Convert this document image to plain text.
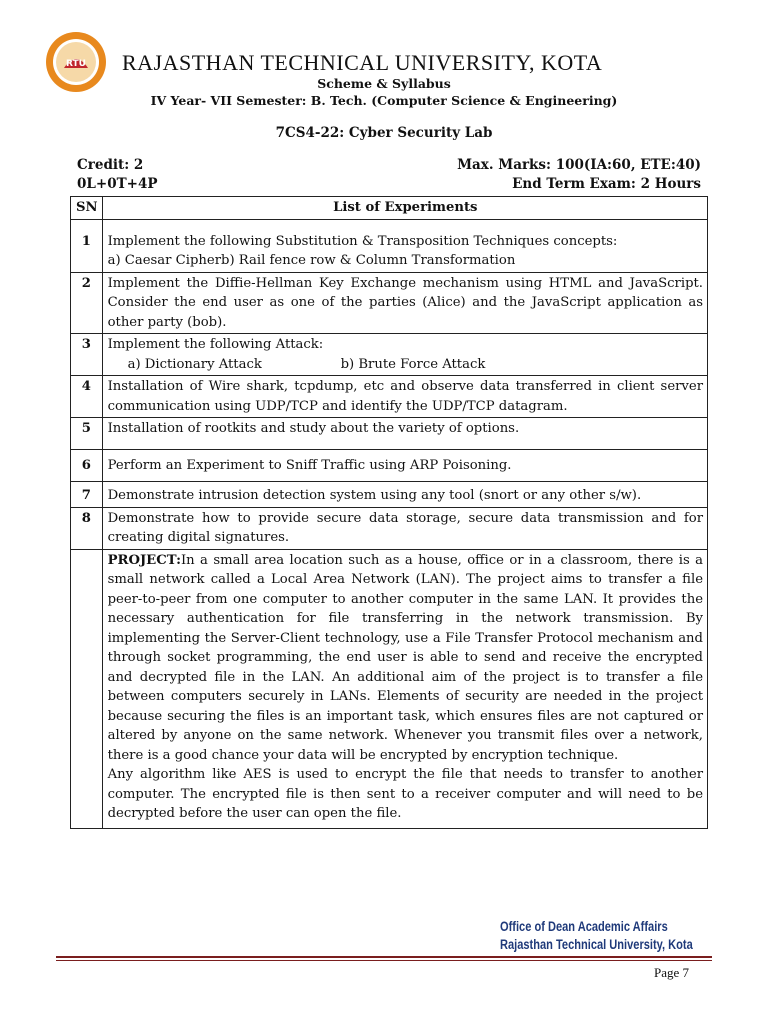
RTU RAJASTHAN TECHNICAL UNIVERSITY, KOTA
Scheme & Syllabus
IV Year- VII Semester: B. Tech. (Computer Science & Engineering)
7CS4-22: Cyber Security Lab
Credit: 2	Max. Marks: 100(IA:60, ETE:40)
0L+0T+4P	End Term Exam: 2 Hours
SN	List of Experiments
1	Implement the following Substitution & Transposition Techniques concepts:
a) Caesar Cipherb) Rail fence row & Column Transformation

2	Implement the Diffie-Hellman Key Exchange mechanism using HTML and JavaScript. Consider the end user as one of the parties (Alice) and the JavaScript application as other party (bob).
3	Implement the following Attack:
a) Dictionary Attack b) Brute Force Attack

4	Installation of Wire shark, tcpdump, etc and observe data transferred in client server communication using UDP/TCP and identify the UDP/TCP datagram.
5	Installation of rootkits and study about the variety of options.
6	Perform an Experiment to Sniff Traffic using ARP Poisoning.
7	Demonstrate intrusion detection system using any tool (snort or any other s/w).
8	Demonstrate how to provide secure data storage, secure data transmission and for creating digital signatures.

	PROJECT:In a small area location such as a house, office or in a classroom, there is a small network called a Local Area Network (LAN). The project aims to transfer a file peer-to-peer from one computer to another computer in the same LAN. It provides the necessary authentication for file transferring in the network transmission. By implementing the Server-Client technology, use a File Transfer Protocol mechanism and through socket programming, the end user is able to send and receive the encrypted and decrypted file in the LAN. An additional aim of the project is to transfer a file between computers securely in LANs. Elements of security are needed in the project because securing the files is an important task, which ensures files are not captured or altered by anyone on the same network. Whenever you transmit files over a network, there is a good chance your data will be encrypted by encryption technique.
Any algorithm like AES is used to encrypt the file that needs to transfer to another computer. The encrypted file is then sent to a receiver computer and will need to be decrypted before the user can open the file.
Office of Dean Academic Affairs
Rajasthan Technical University, Kota
Page 7
